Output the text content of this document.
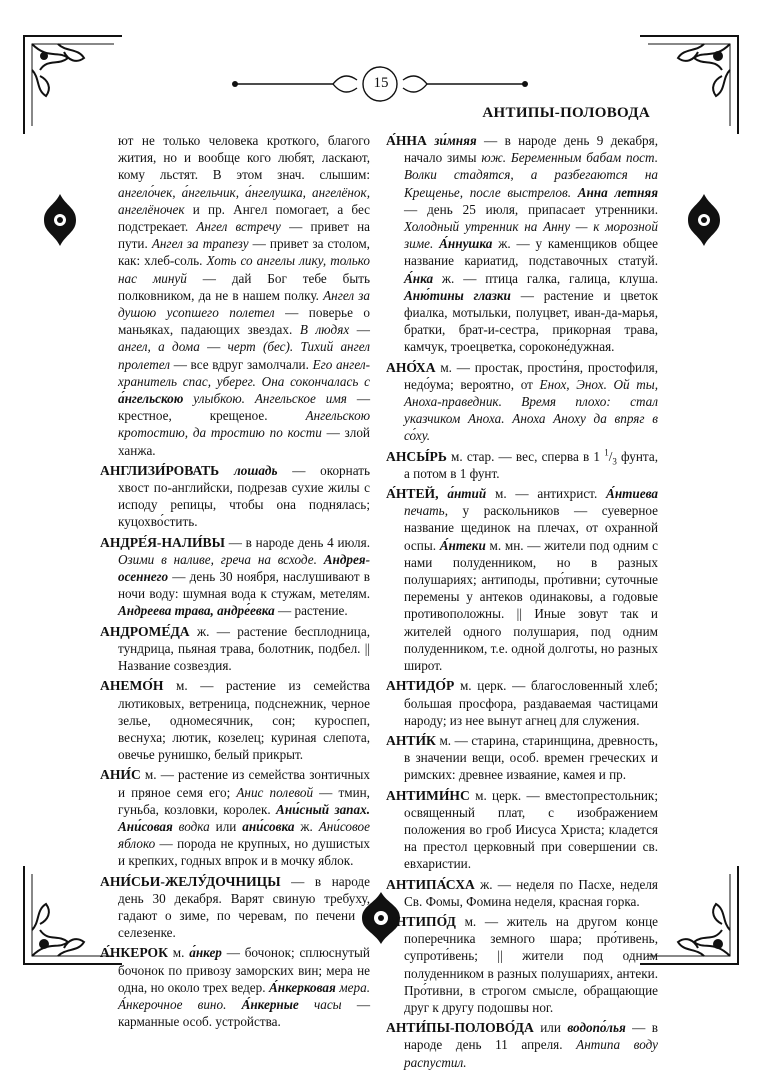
15
АНТИПЫ-ПОЛОВОДА

ют не только человека кроткого, благого жития, но и вообще кого любят, ласкают, кому льстят. В этом знач. слышим: ангело́чек, а́нгельчик, а́нгелушка, ангелёнок, ангелёночек и пр. Ангел помогает, а бес подстрекает. Ангел встречу — привет на пути. Ангел за трапезу — привет за столом, как: хлеб-соль. Хоть со ангелы лику, только нас минуй — дай Бог тебе быть полковником, да не в нашем полку. Ангел за душою усопшего полетел — поверье о маньяках, падающих звездах. В людях — ангел, а дома — черт (бес). Тихий ангел пролетел — все вдруг замолчали. Его ангел-хранитель спас, уберег. Она сокончалась с а́нгельскою улыбкою. Ангельское имя — крестное, крещеное. Ангельскою кротостию, да тростию по кости — злой ханжа.

АНГЛИЗИ́РОВАТЬ лошадь — окорнать хвост по-английски, подрезав сухие жилы с исподу репицы, чтобы она поднялась; куцохво́стить.

АНДРЕ́Я-НАЛИ́ВЫ — в народе день 4 июля. Озими в наливе, греча на всходе. Андрея-осеннего — день 30 ноября, наслушивают в ночи воду: шумная вода к стужам, метелям. Андреева трава, андре́евка — растение.

АНДРОМЕ́ДА ж. — растение бесплодница, тундрица, пьяная трава, болотник, подбел. || Название созвездия.

АНЕМО́Н м. — растение из семейства лютиковых, ветреница, подснежник, черное зелье, одномесячник, сон; куроспеп, веснуха; лютик, козелец; куриная слепота, овечье рунишко, белый прикрыт.

АНИ́С м. — растение из семейства зонтичных и пряное семя его; Анис полевой — тмин, гуньба, козловки, королек. Ани́сный запах. Ани́совая водка или ани́совка ж. Ани́совое яблоко — порода не крупных, но душистых и крепких, годных впрок и в мочку яблок.

АНИ́СЬИ-ЖЕЛУ́ДОЧНИЦЫ — в народе день 30 декабря. Варят свиную требуху, гадают о зиме, по черевам, по печени и селезенке.

А́НКЕРОК м. а́нкер — бочонок; сплюснутый бочонок по привозу заморских вин; мера не одна, но около трех ведер. А́нкерковая мера. А́нкерочное вино. А́нкерные часы — карманные особ. устройства.

А́ННА зи́мняя — в народе день 9 декабря, начало зимы юж. Беременным бабам пост. Волки стадятся, а разбегаются на Крещенье, после выстрелов. Анна летняя — день 25 июля, припасает утренники. Холодный утренник на Анну — к морозной зиме. А́ннушка ж. — у каменщиков общее название кариатид, подставочных статуй. А́нка ж. — птица галка, галица, клуша. Аню́тины глазки — растение и цветок фиалка, мотыльки, полуцвет, иван-да-марья, братки, брат-и-сестра, прикорная трава, камчук, троецветка, сороконе́дужная.

АНО́ХА м. — простак, прости́ня, простофиля, недо́ума; вероятно, от Енох, Энох. Ой ты, Аноха-праведник. Время плохо: стал указчиком Аноха. Аноха Аноху да впряг в со́ху.

АНСЫ́РЬ м. стар. — вес, сперва в 1 $^1/_3$ фунта, а потом в 1 фунт.

А́НТЕЙ, а́нтий м. — антихрист. А́нтиева печать, у раскольников — суеверное название щединок на плечах, от охранной оспы. А́нтеки м. мн. — жители под одним с нами полуденником, но в разных полушариях; антиподы, про́тивни; суточные перемены у антеков одинаковы, а годовые противоположны. || Иные зовут так и жителей одного полушария, под одним полуденником, т.е. одной долготы, но разных широт.

АНТИДО́Р м. церк. — благословенный хлеб; большая просфора, раздаваемая частицами народу; из нее вынут агнец для служения.

АНТИ́К м. — старина, старинщина, древность, в значении вещи, особ. времен греческих и римских: древнее изваяние, камея и пр.

АНТИМИ́НС м. церк. — вместопрестольник; освященный плат, с изображением положения во гроб Иисуса Христа; кладется на престол церковный при совершении св. евхаристии.

АНТИПА́СХА ж. — неделя по Пасхе, неделя Св. Фомы, Фомина неделя, красная горка.

АНТИПО́Д м. — житель на другом конце поперечника земного шара; про́тивень, супроти́вень; || жители под одним полуденником в разных полушариях, антеки. Про́тивни, в строгом смысле, обращающие друг к другу подошвы ног.

АНТИ́ПЫ-ПОЛОВО́ДА или водопо́лья — в народе день 11 апреля. Антипа воду распустил.
